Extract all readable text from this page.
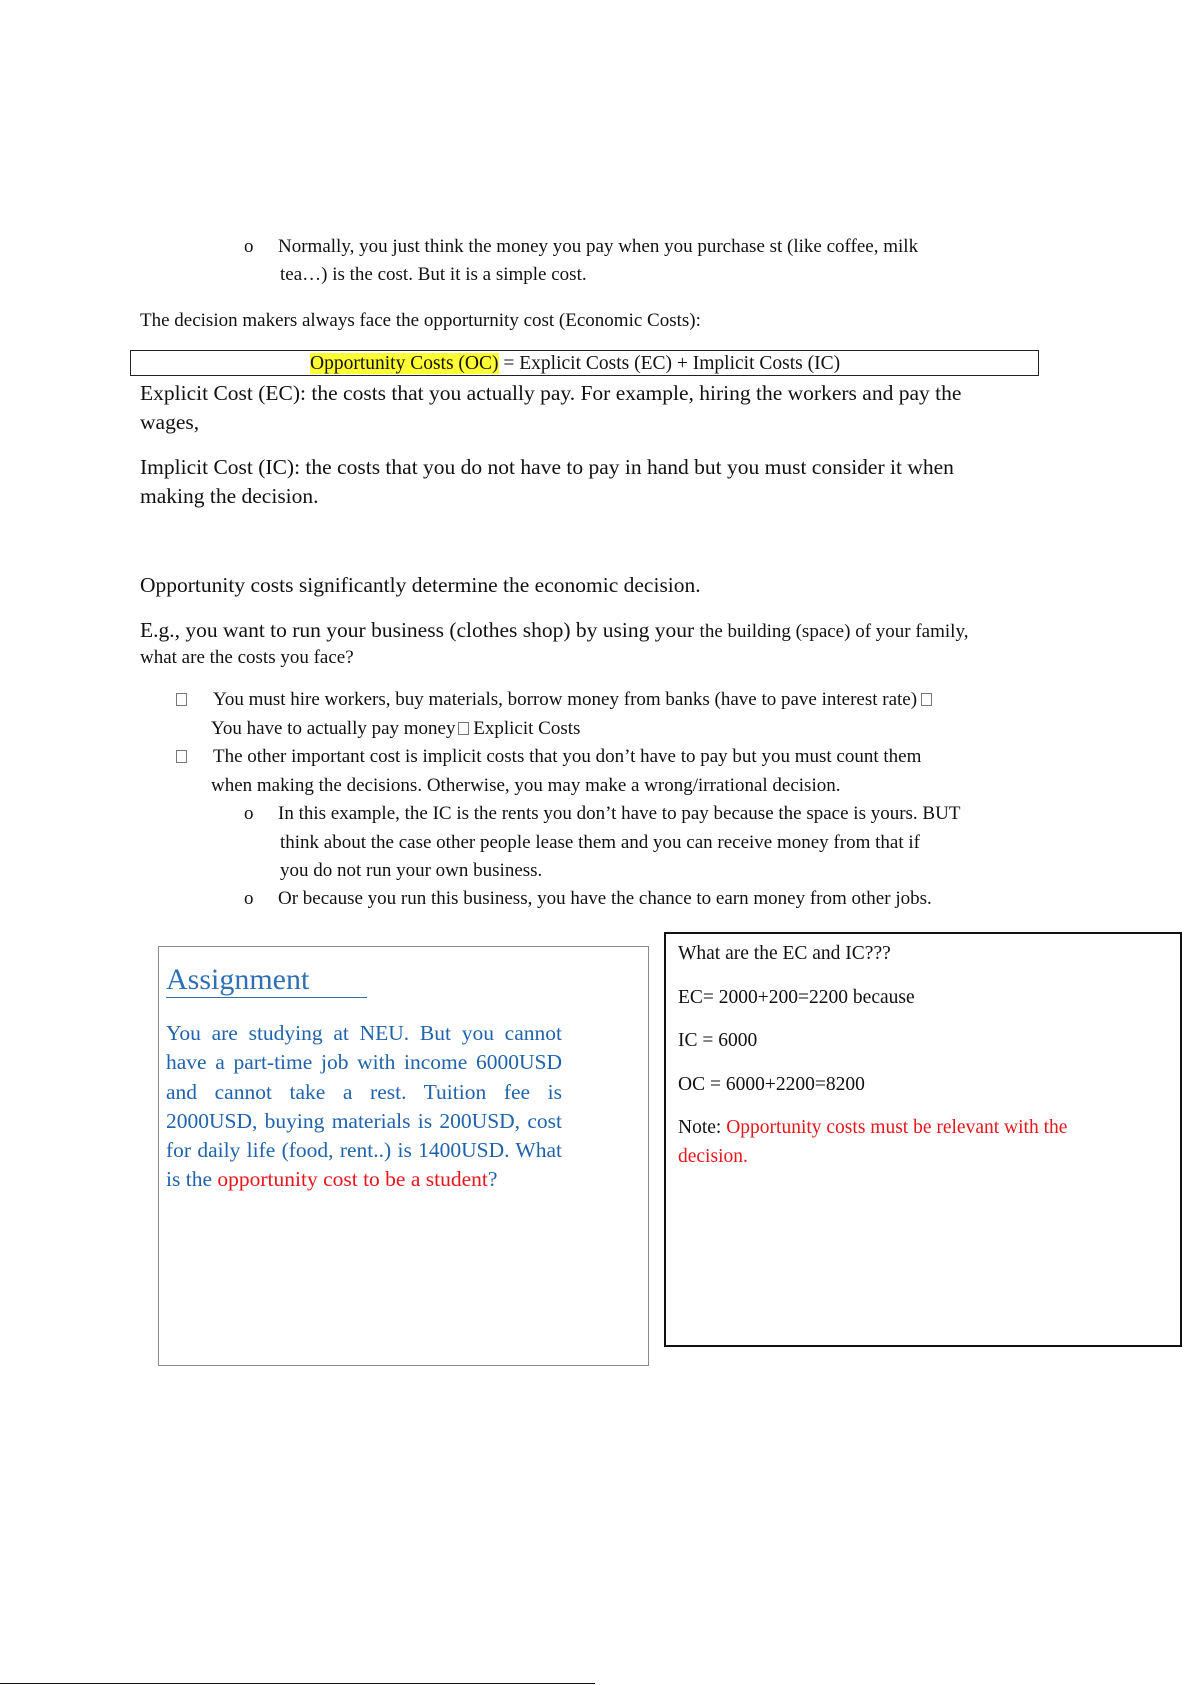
o Normally, you just think the money you pay when you purchase st (like coffee, milk
tea…) is the cost. But it is a simple cost.
The decision makers always face the opporturnity cost (Economic Costs):
Opportunity Costs (OC) = Explicit Costs (EC) + Implicit Costs (IC)
Explicit Cost (EC): the costs that you actually pay. For example, hiring the workers and pay the
wages,
Implicit Cost (IC): the costs that you do not have to pay in hand but you must consider it when
making the decision.
Opportunity costs significantly determine the economic decision.
E.g., you want to run your business (clothes shop) by using your the building (space) of your family,
what are the costs you face?
You must hire workers, buy materials, borrow money from banks (have to pave interest rate)
You have to actually pay money Explicit Costs
The other important cost is implicit costs that you don’t have to pay but you must count them
when making the decisions. Otherwise, you may make a wrong/irrational decision.
o In this example, the IC is the rents you don’t have to pay because the space is yours. BUT
think about the case other people lease them and you can receive money from that if
you do not run your own business.
o Or because you run this business, you have the chance to earn money from other jobs.
Assignment
You are studying at NEU. But you cannot have a part-time job with income 6000USD and cannot take a rest. Tuition fee is 2000USD, buying materials is 200USD, cost for daily life (food, rent..) is 1400USD. What is the opportunity cost to be a student?

What are the EC and IC???

EC= 2000+200=2200 because

IC = 6000

OC = 6000+2200=8200

Note: Opportunity costs must be relevant with the

decision.
